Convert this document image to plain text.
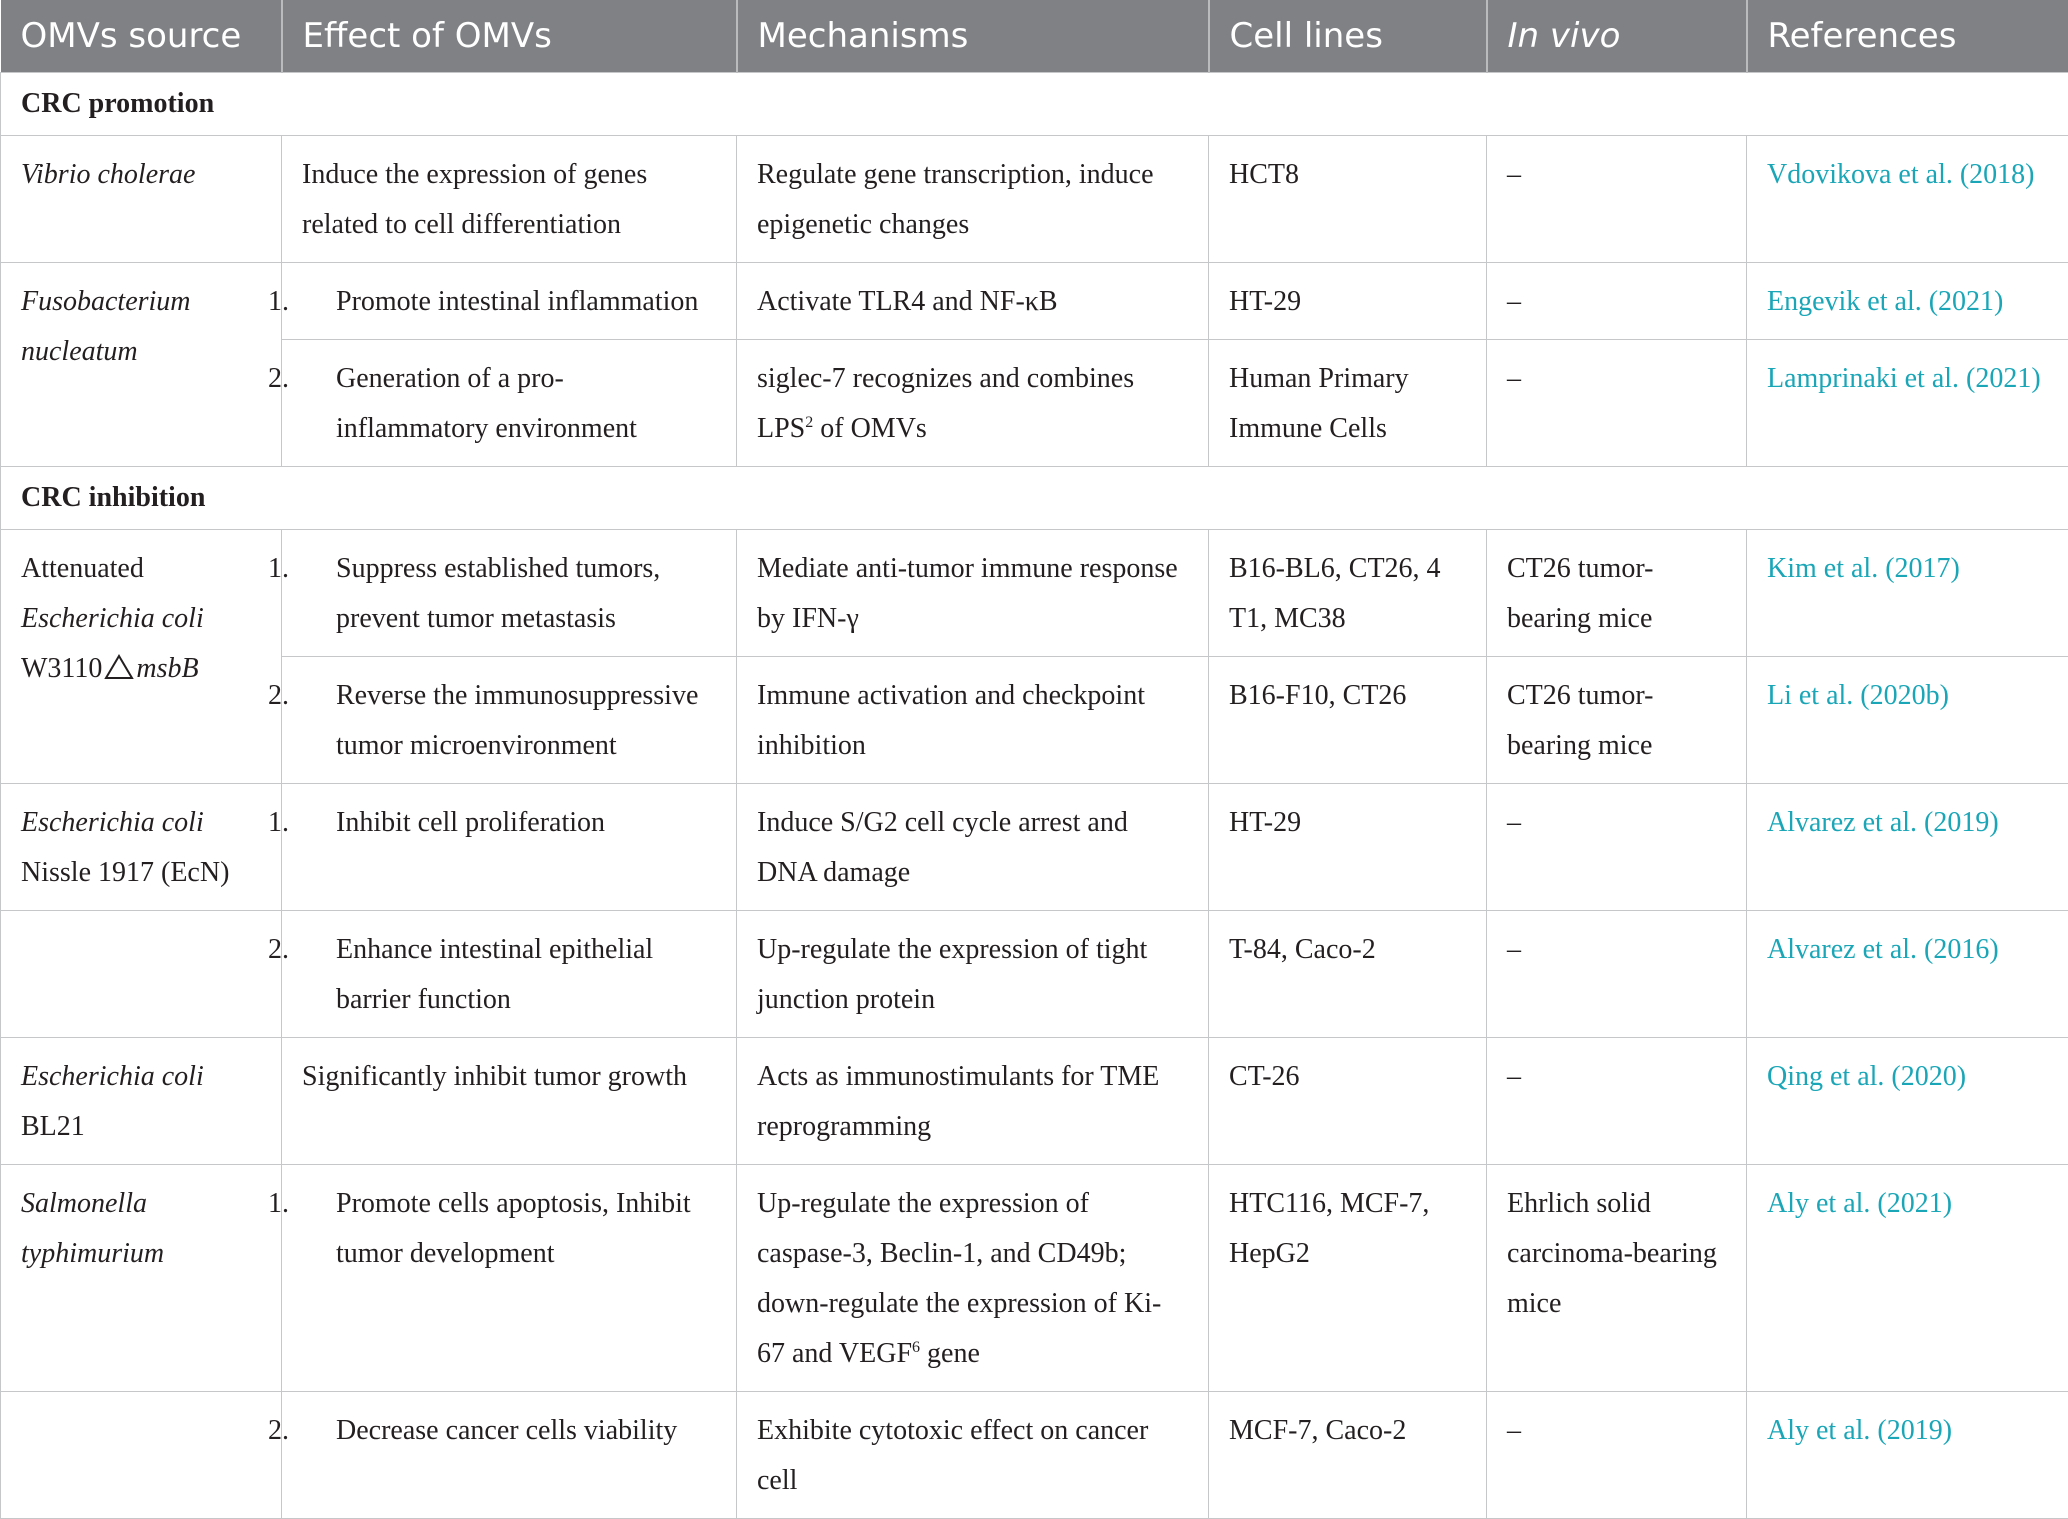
OMVs source	Effect of OMVs	Mechanisms	Cell lines	In vivo	References
CRC promotion					
Vibrio cholerae	Induce the expression of genes related to cell differentiation	Regulate gene transcription, induce epigenetic changes	HCT8	–	Vdovikova et al. (2018)
Fusobacterium nucleatum	1. Promote intestinal inflammation	Activate TLR4 and NF-κB	HT-29	–	Engevik et al. (2021)

	2. Generation of a pro-inflammatory environment	siglec-7 recognizes and combines LPS$^2$ of OMVs	Human Primary Immune Cells	–	Lamprinaki et al. (2021)
CRC inhibition					
Attenuated
Escherichia coli
W3110 msbB	1. Suppress established tumors, prevent tumor metastasis	Mediate anti-tumor immune response by IFN-γ	B16-BL6, CT26, 4 T1, MC38	CT26 tumor-bearing mice	Kim et al. (2017)

	2. Reverse the immunosuppressive tumor microenvironment	Immune activation and checkpoint inhibition	B16-F10, CT26	CT26 tumor-bearing mice	Li et al. (2020b)
Escherichia coli
Nissle 1917 (EcN)	1. Inhibit cell proliferation	Induce S/G2 cell cycle arrest and DNA damage	HT-29	–	Alvarez et al. (2019)

	2. Enhance intestinal epithelial barrier function	Up-regulate the expression of tight junction protein	T-84, Caco-2	–	Alvarez et al. (2016)
Escherichia coli
BL21	Significantly inhibit tumor growth	Acts as immunostimulants for TME reprogramming	CT-26	–	Qing et al. (2020)
Salmonella typhimurium	1. Promote cells apoptosis, Inhibit tumor development	Up-regulate the expression of caspase-3, Beclin-1, and CD49b; down-regulate the expression of Ki-67 and VEGF$^6$ gene	HTC116, MCF-7, HepG2	Ehrlich solid carcinoma-bearing mice	Aly et al. (2021)

	2. Decrease cancer cells viability	Exhibite cytotoxic effect on cancer cell	MCF-7, Caco-2	–	Aly et al. (2019)
